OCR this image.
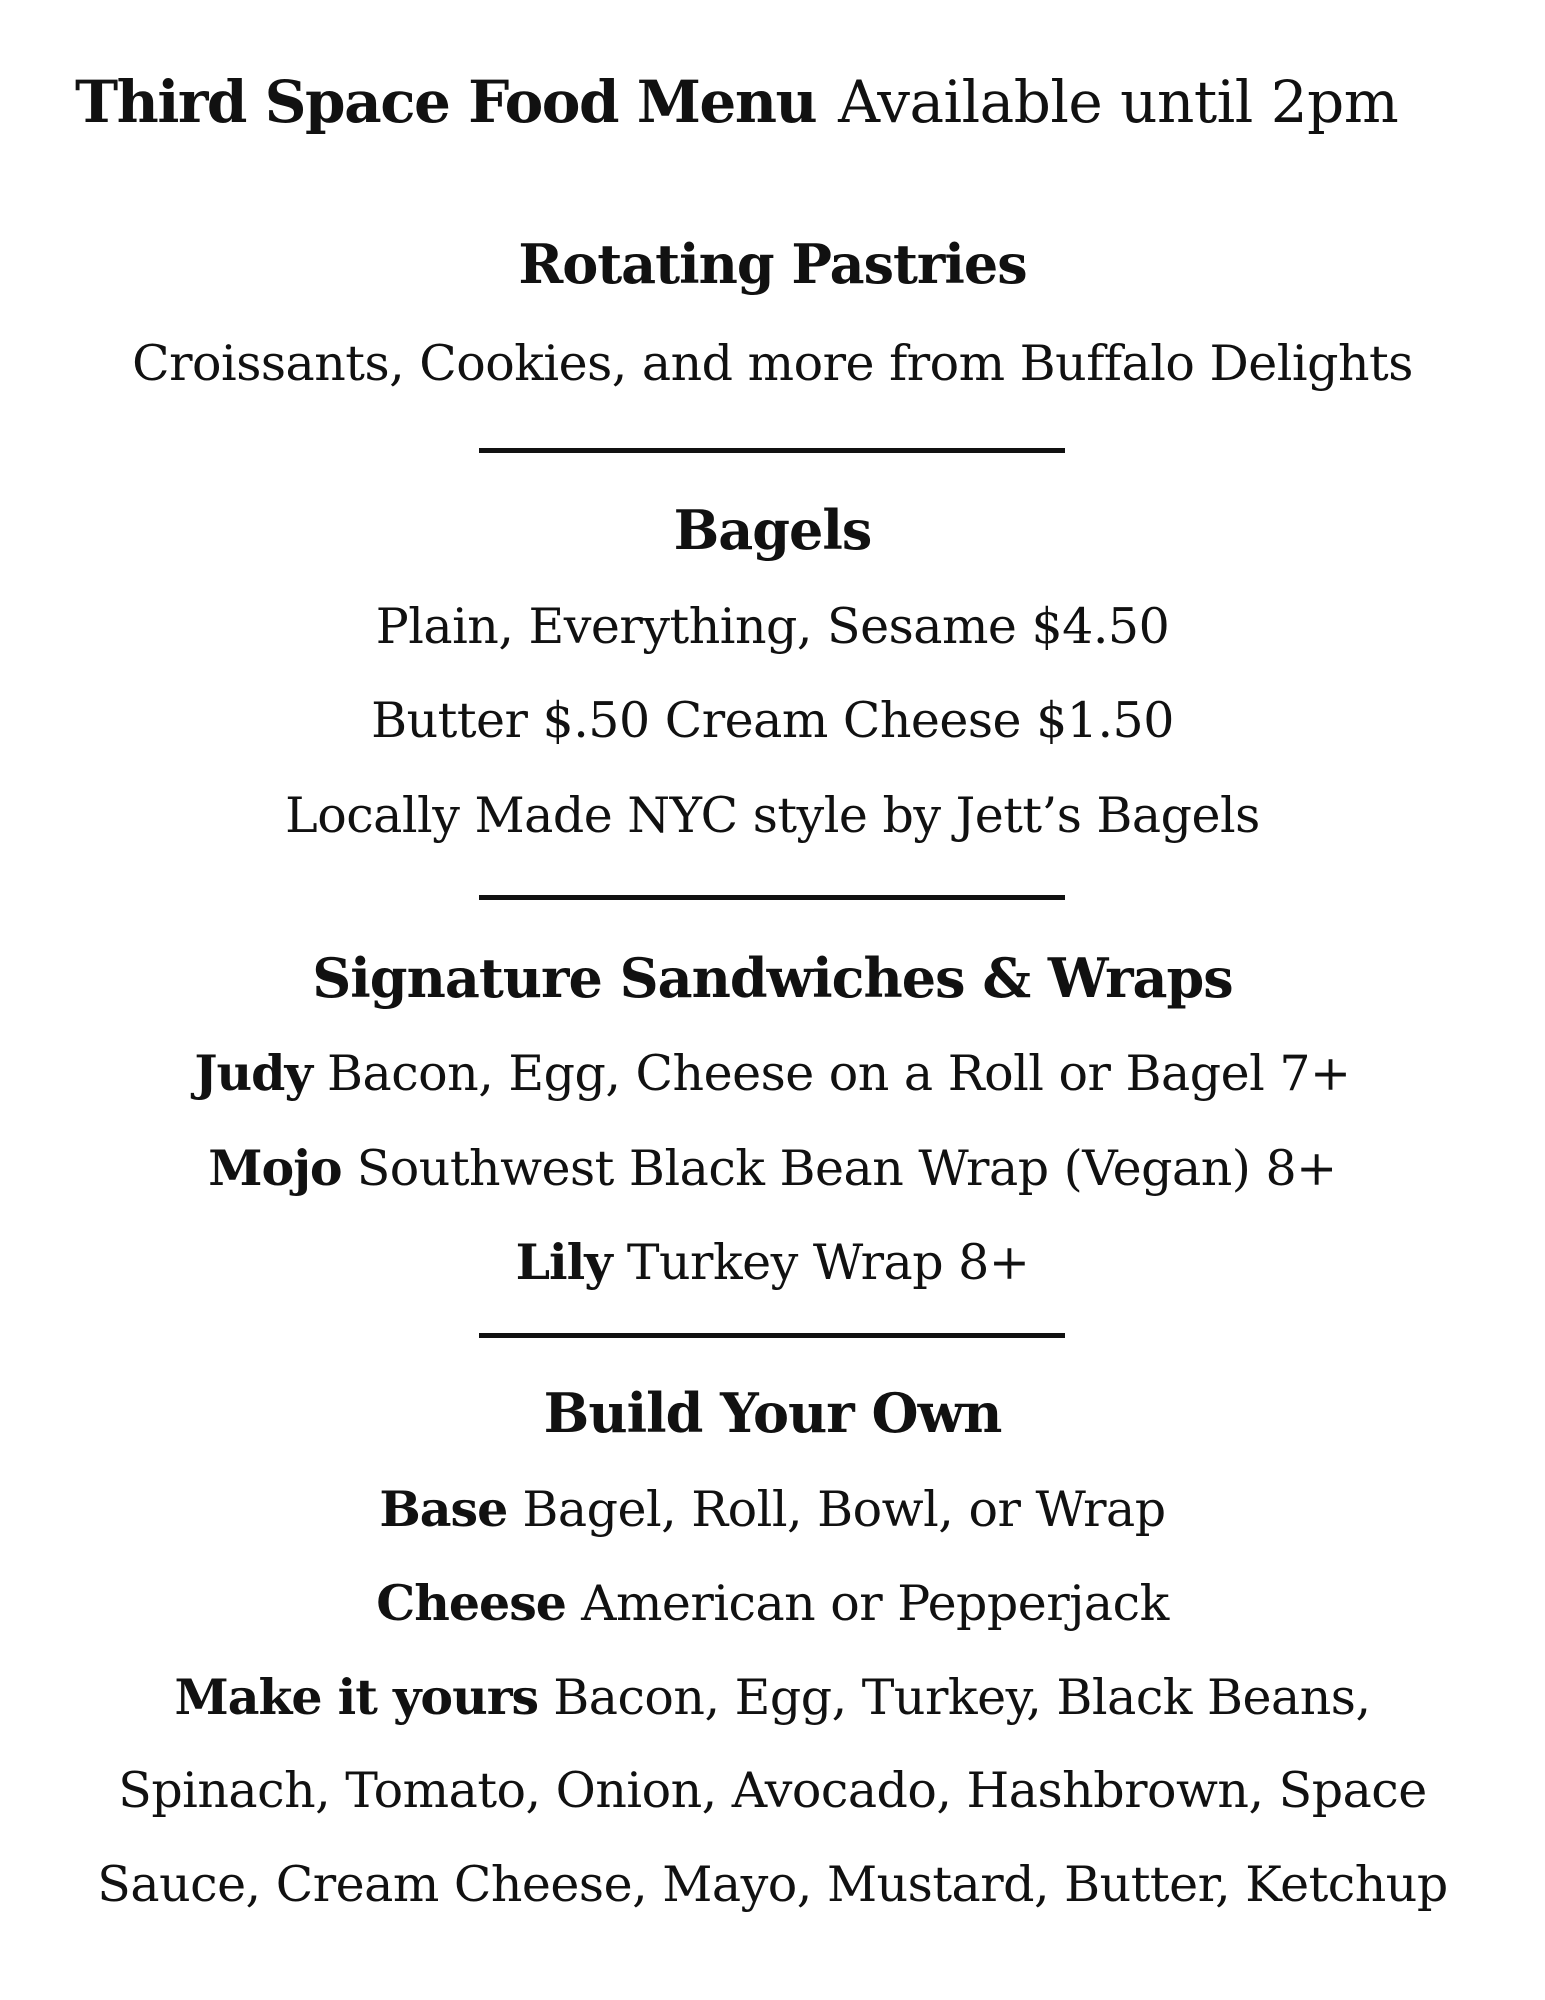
Third Space Food Menu Available until 2pm
Rotating Pastries
Croissants, Cookies, and more from Buffalo Delights
Bagels
Plain, Everything, Sesame $4.50
Butter $.50 Cream Cheese $1.50
Locally Made NYC style by Jett’s Bagels
Signature Sandwiches & Wraps
Judy Bacon, Egg, Cheese on a Roll or Bagel 7+
Mojo Southwest Black Bean Wrap (Vegan) 8+
Lily Turkey Wrap 8+
Build Your Own
Base Bagel, Roll, Bowl, or Wrap
Cheese American or Pepperjack
Make it yours Bacon, Egg, Turkey, Black Beans,
Spinach, Tomato, Onion, Avocado, Hashbrown, Space
Sauce, Cream Cheese, Mayo, Mustard, Butter, Ketchup
